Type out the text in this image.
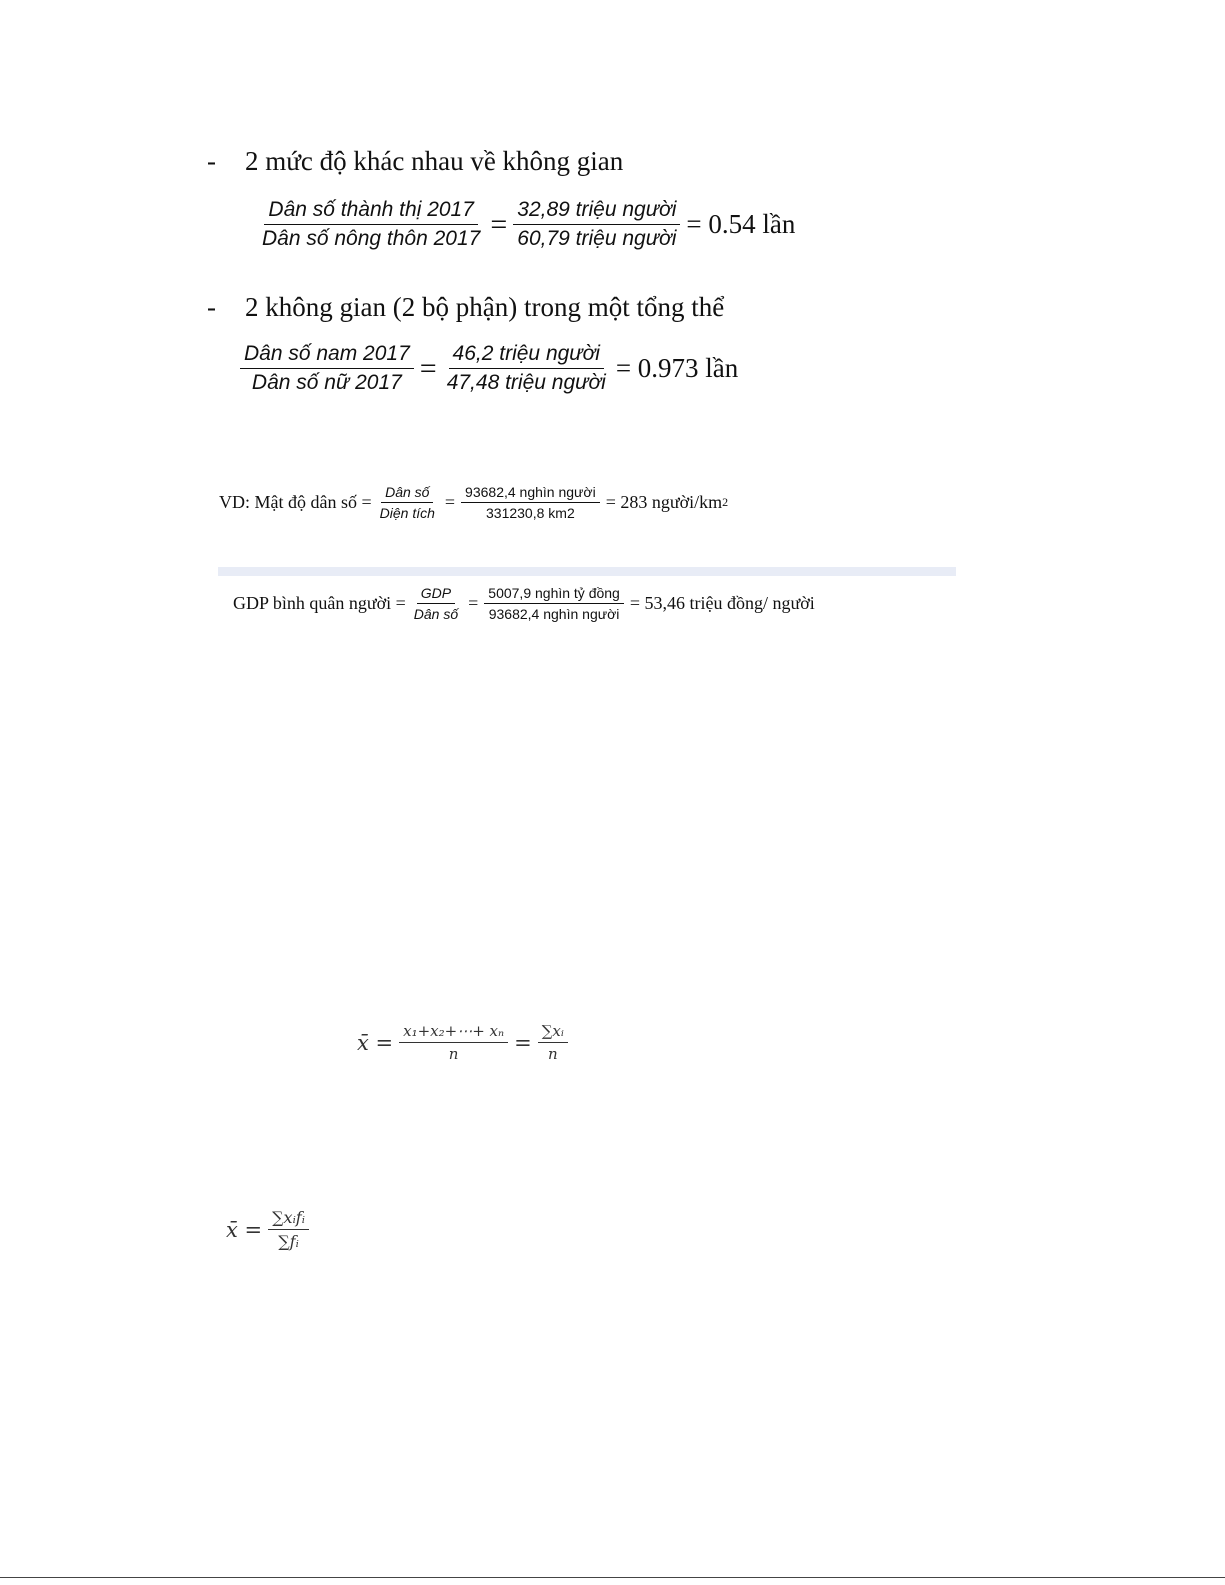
- 2 mức độ khác nhau về không gian
$\frac{\text{Dân số thành thị 2017}}{\text{Dân số nông thôn 2017}} = \frac{\text{32,89 triệu người}}{\text{60,79 triệu người}} = 0.54$ lần
- 2 không gian (2 bộ phận) trong một tổng thể
$\frac{\text{Dân số nam 2017}}{\text{Dân số nữ 2017}} = \frac{\text{46,2 triệu người}}{\text{47,48 triệu người}} = 0.973$ lần
VD: Mật độ dân số = $\frac{\text{Dân số}}{\text{Diện tích}} = \frac{\text{93682,4 nghìn người}}{331230,8 km2} = 283$ người/km 2
GDP bình quân người = $\frac{\text{GDP}}{\text{Dân số}} = \frac{\text{5007,9 nghìn tỷ đồng}}{\text{93682,4 nghìn người}} = 53,46$ triệu đồng/ người
x̄ = $\frac{\text{x₁+x₂+⋯+ xₙ}}{n} = \frac{\text{∑xᵢ}}{n}$
x̄ = $\frac{\text{∑xᵢfᵢ}}{\text{∑fᵢ}}$
